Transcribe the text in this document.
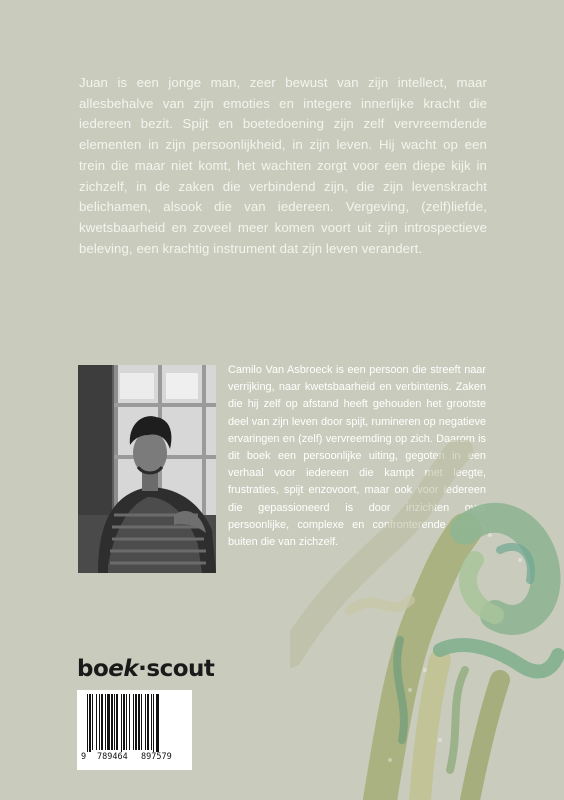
Juan is een jonge man, zeer bewust van zijn intellect, maar allesbehalve van zijn emoties en integere innerlijke kracht die iedereen bezit. Spijt en boetedoening zijn zelf vervreemdende elementen in zijn persoonlijkheid, in zijn leven. Hij wacht op een trein die maar niet komt, het wachten zorgt voor een diepe kijk in zichzelf, in de zaken die verbindend zijn, die zijn levenskracht belichamen, alsook die van iedereen. Vergeving, (zelf)liefde, kwetsbaarheid en zoveel meer komen voort uit zijn introspectieve beleving, een krachtig instrument dat zijn leven verandert.

Camilo Van Asbroeck is een persoon die streeft naar verrijking, naar kwetsbaarheid en verbintenis. Zaken die hij zelf op afstand heeft gehouden het grootste deel van zijn leven door spijt, rumineren op negatieve ervaringen en (zelf) vervreemding op zich. Daarom is dit boek een persoonlijke uiting, gegoten in een verhaal voor iedereen die kampt met leegte, frustraties, spijt enzovoort, maar ook voor iedereen die gepassioneerd is door inzichten over persoonlijke, complexe en confronterende zaken, buiten die van zichzelf.

boek·scout
9 789464 897579
